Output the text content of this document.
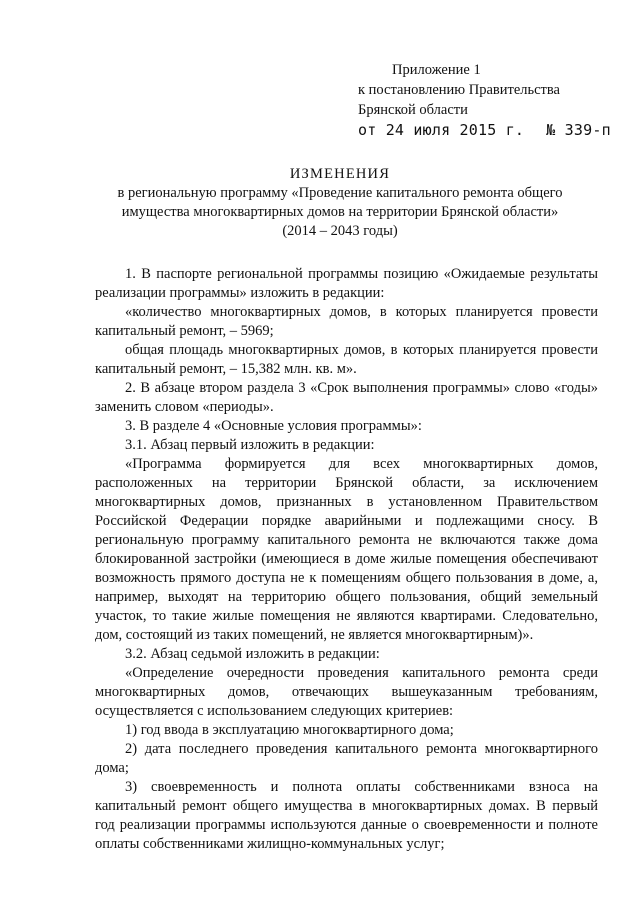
Приложение 1
к постановлению Правительства
Брянской области
от 24 июля 2015 г. № 339-п
ИЗМЕНЕНИЯ
в региональную программу «Проведение капитального ремонта общего
имущества многоквартирных домов на территории Брянской области»
(2014 – 2043 годы)

1. В паспорте региональной программы позицию «Ожидаемые результаты реализации программы» изложить в редакции:

«количество многоквартирных домов, в которых планируется провести капитальный ремонт, – 5969;

общая площадь многоквартирных домов, в которых планируется провести капитальный ремонт, – 15,382 млн. кв. м».

2. В абзаце втором раздела 3 «Срок выполнения программы» слово «годы» заменить словом «периоды».

3. В разделе 4 «Основные условия программы»:

3.1. Абзац первый изложить в редакции:

«Программа формируется для всех многоквартирных домов, расположенных на территории Брянской области, за исключением многоквартирных домов, признанных в установленном Правительством Российской Федерации порядке аварийными и подлежащими сносу. В региональную программу капитального ремонта не включаются также дома блокированной застройки (имеющиеся в доме жилые помещения обеспечивают возможность прямого доступа не к помещениям общего пользования в доме, а, например, выходят на территорию общего пользования, общий земельный участок, то такие жилые помещения не являются квартирами. Следовательно, дом, состоящий из таких помещений, не является многоквартирным)».

3.2. Абзац седьмой изложить в редакции:

«Определение очередности проведения капитального ремонта среди многоквартирных домов, отвечающих вышеуказанным требованиям, осуществляется с использованием следующих критериев:

1) год ввода в эксплуатацию многоквартирного дома;

2) дата последнего проведения капитального ремонта многоквартирного дома;

3) своевременность и полнота оплаты собственниками взноса на капитальный ремонт общего имущества в многоквартирных домах. В первый год реализации программы используются данные о своевременности и полноте оплаты собственниками жилищно-коммунальных услуг;
